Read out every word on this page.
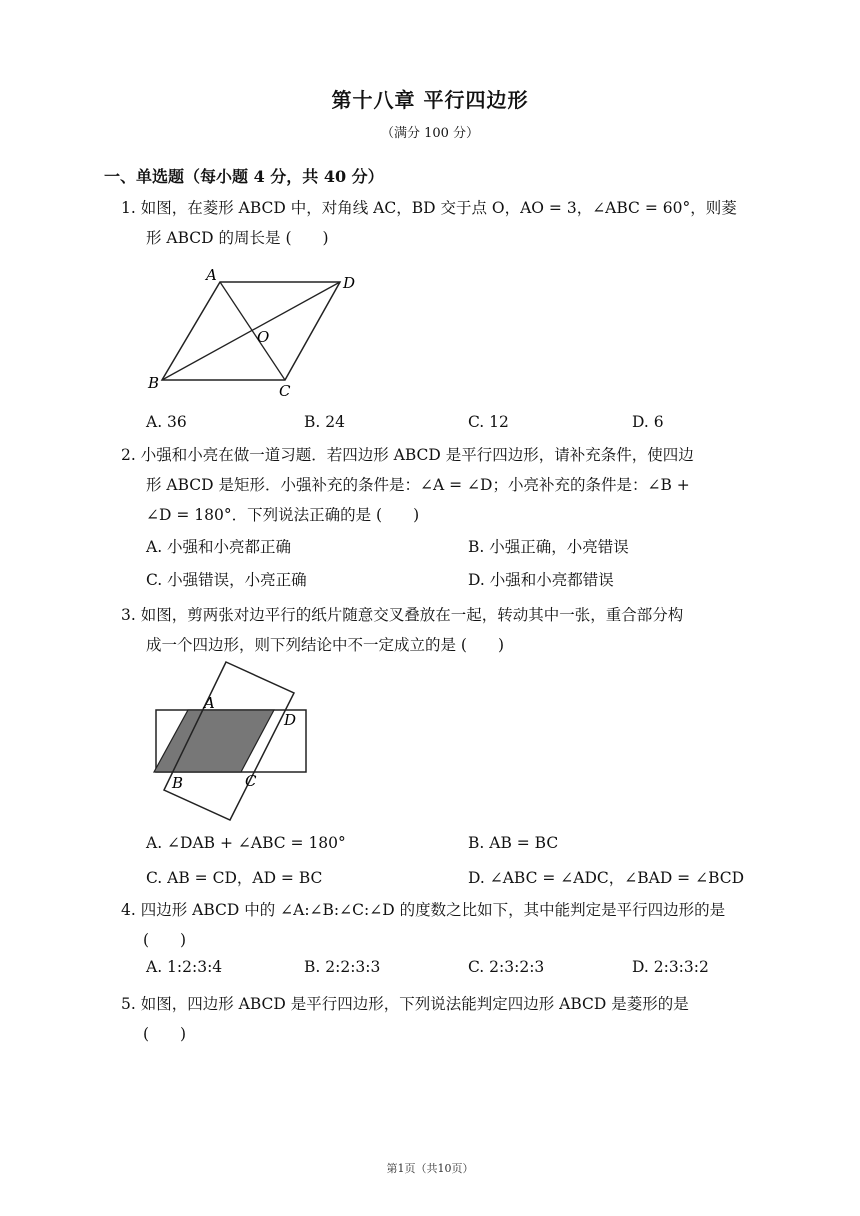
第十八章 平行四边形
（满分 100 分）
一、单选题（每小题 4 分，共 40 分）
1. 如图，在菱形 ABCD 中，对角线 AC，BD 交于点 O，AO = 3，∠ABC = 60°，则菱
形 ABCD 的周长是 (　　)
A
B	C
D
O
A. 36	B. 24	C. 12	D. 6
2. 小强和小亮在做一道习题．若四边形 ABCD 是平行四边形，请补充条件，使四边
形 ABCD 是矩形．小强补充的条件是：∠A = ∠D；小亮补充的条件是：∠B +
∠D = 180°．下列说法正确的是 (　　)
A. 小强和小亮都正确	B. 小强正确，小亮错误
C. 小强错误，小亮正确	D. 小强和小亮都错误
3. 如图，剪两张对边平行的纸片随意交叉叠放在一起，转动其中一张，重合部分构
成一个四边形，则下列结论中不一定成立的是 (　　)
A
B	C
D
A. ∠DAB + ∠ABC = 180°	B. AB = BC
C. AB = CD，AD = BC	D. ∠ABC = ∠ADC，∠BAD = ∠BCD
4. 四边形 ABCD 中的 ∠A:∠B:∠C:∠D 的度数之比如下，其中能判定是平行四边形的是
(　　)
A. 1:2:3:4	B. 2:2:3:3	C. 2:3:2:3	D. 2:3:3:2
5. 如图，四边形 ABCD 是平行四边形，下列说法能判定四边形 ABCD 是菱形的是
(　　)
第1页（共10页）
